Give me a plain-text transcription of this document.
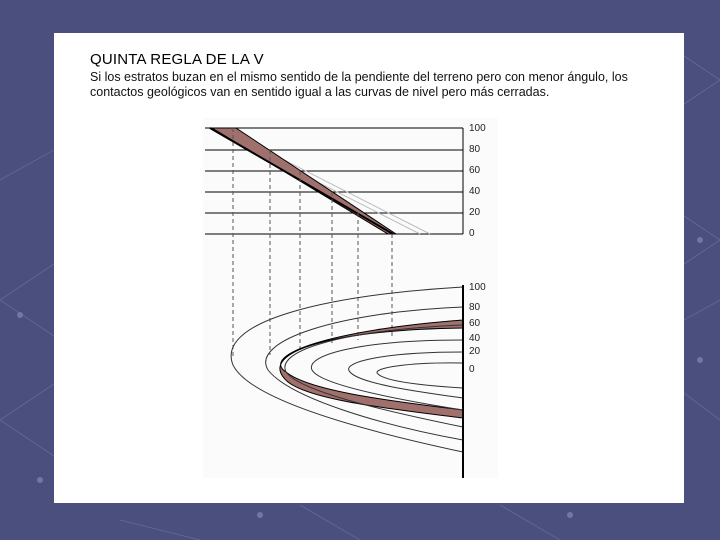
QUINTA REGLA DE LA V
Si los estratos buzan en el mismo sentido de la pendiente del terreno pero con menor ángulo, los contactos geológicos van en sentido igual a las curvas de nivel pero más cerradas.
100
80
60
40
20
0
100
80
60
40
20
0
